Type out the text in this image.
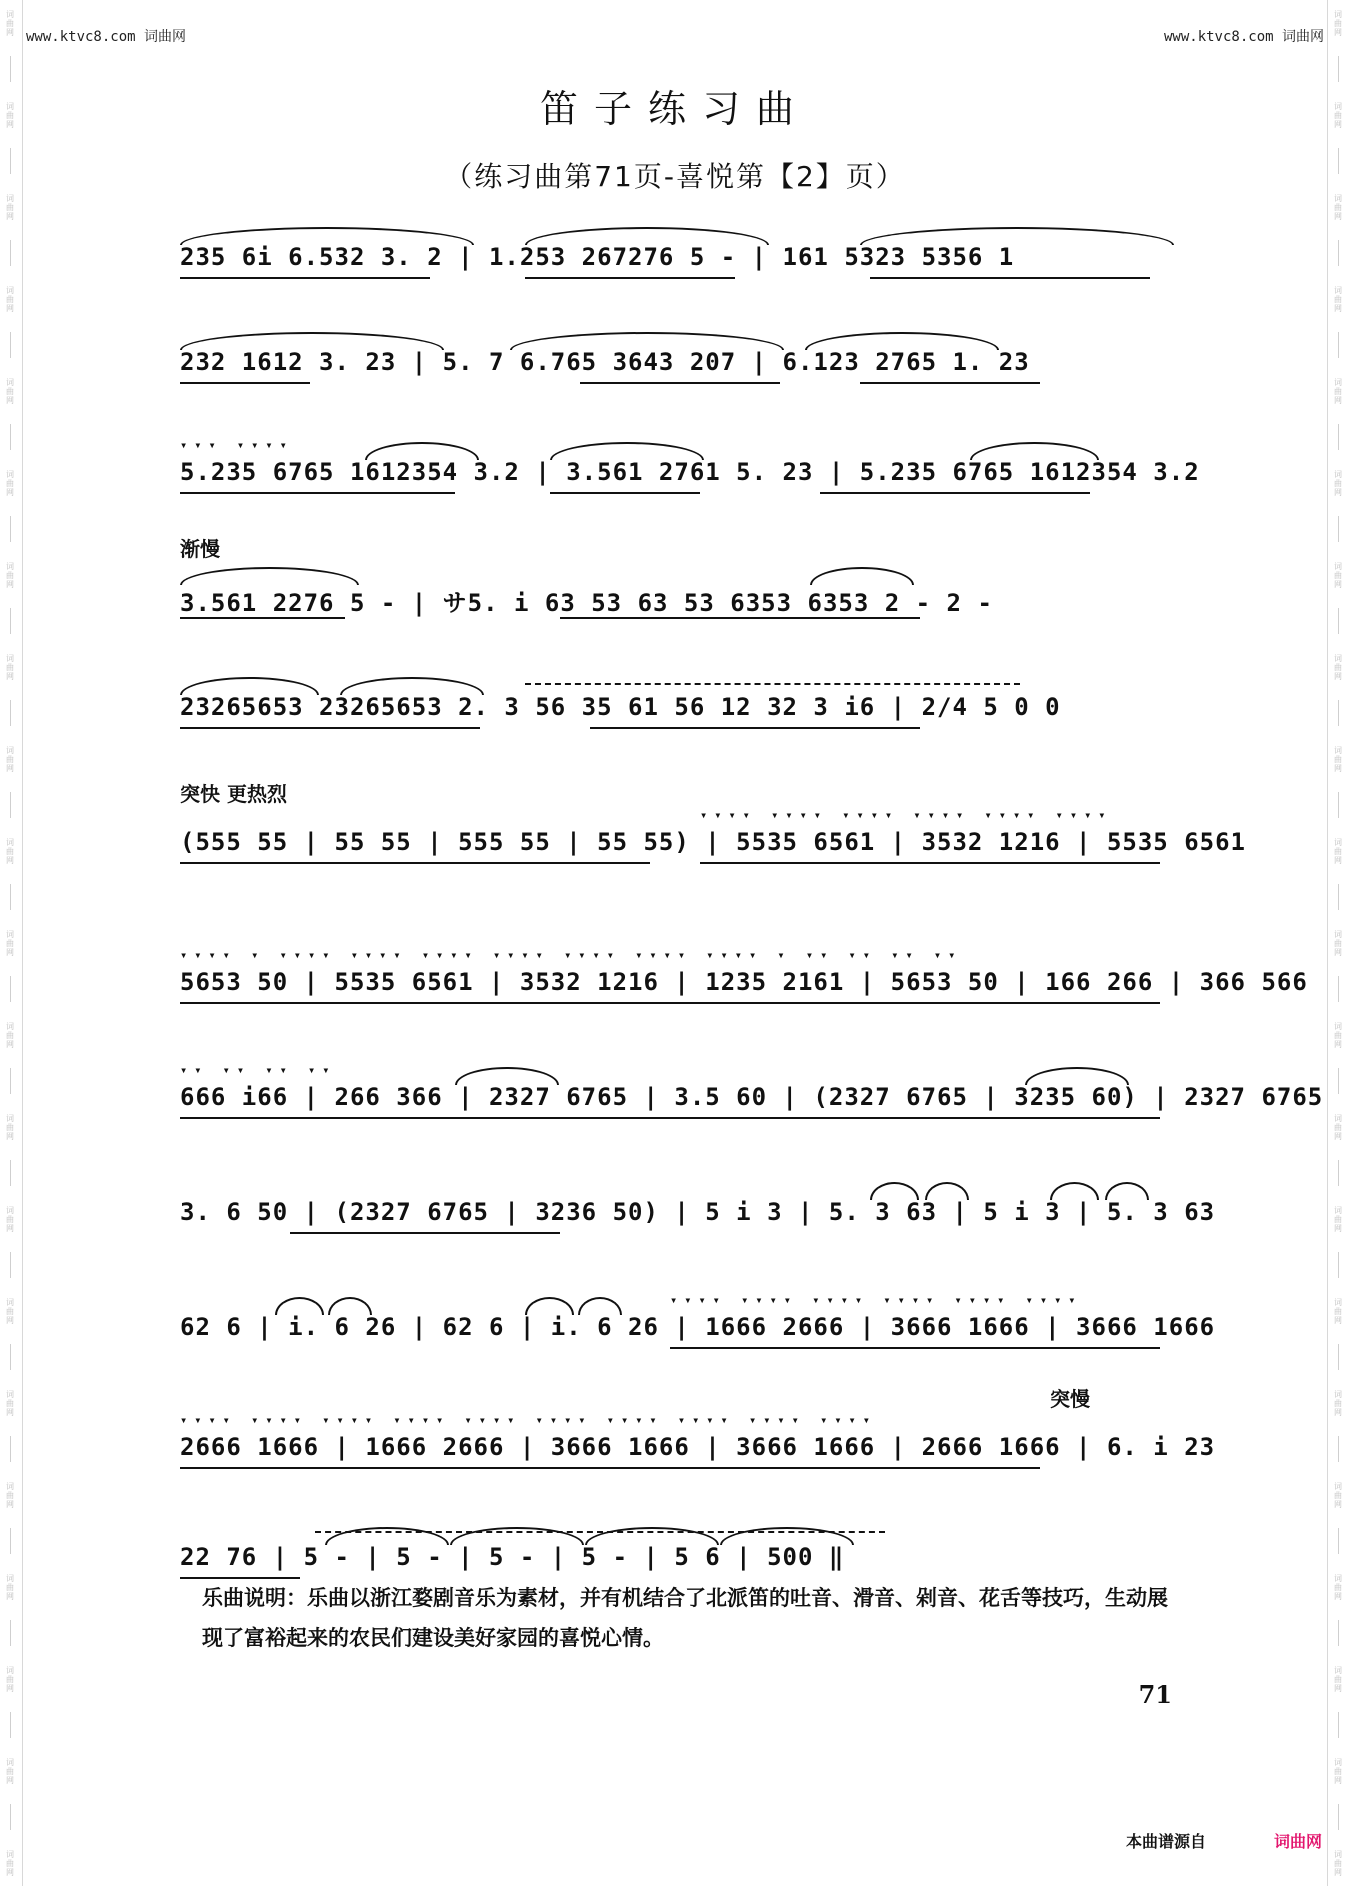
词
曲
网
词
曲
网
词
曲
网
词
曲
网
词
曲
网
词
曲
网
词
曲
网
词
曲
网
词
曲
网
词
曲
网
词
曲
网
词
曲
网
词
曲
网
词
曲
网
词
曲
网
词
曲
网
词
曲
网
词
曲
网
词
曲
网
词
曲
网
词
曲
网
词
曲
网
词
曲
网
词
曲
网
词
曲
网
词
曲
网
词
曲
网
词
曲
网
词
曲
网
词
曲
网
词
曲
网
词
曲
网
词
曲
网
词
曲
网
词
曲
网
词
曲
网
词
曲
网
词
曲
网
词
曲
网
词
曲
网
词
曲
网
词
曲
网
www.ktvc8.com 词曲网	www.ktvc8.com 词曲网
笛子练习曲
（练习曲第71页-喜悦第【2】页）
235 6i 6.532 3. 2 | 1.253 267276 5 - | 161 5323 5356 1
232 1612 3. 23 | 5. 7 6.765 3643 207 | 6.123 2765 1. 23
▾▾▾ ▾▾▾▾
5.235 6765 1612354 3.2 | 3.561 2761 5. 23 | 5.235 6765 1612354 3.2
渐慢
3.561 2276 5 - | サ5. i 63 53 63 53 6353 6353 2 - 2 -
23265653 23265653 2. 3 56 35 61 56 12 32 3 i6 | 2/4 5 0 0
突快 更热烈
▾▾▾▾ ▾▾▾▾ ▾▾▾▾ ▾▾▾▾ ▾▾▾▾ ▾▾▾▾
(555 55 | 55 55 | 555 55 | 55 55) | 5535 6561 | 3532 1216 | 5535 6561
▾▾▾▾ ▾ ▾▾▾▾ ▾▾▾▾ ▾▾▾▾ ▾▾▾▾ ▾▾▾▾ ▾▾▾▾ ▾▾▾▾ ▾ ▾▾ ▾▾ ▾▾ ▾▾
5653 50 | 5535 6561 | 3532 1216 | 1235 2161 | 5653 50 | 166 266 | 366 566
▾▾ ▾▾ ▾▾ ▾▾
666 i66 | 266 366 | 2327 6765 | 3.5 60 | (2327 6765 | 3235 60) | 2327 6765
3. 6 50 | (2327 6765 | 3236 50) | 5 i 3 | 5. 3 63 | 5 i 3 | 5. 3 63
▾▾▾▾ ▾▾▾▾ ▾▾▾▾ ▾▾▾▾ ▾▾▾▾ ▾▾▾▾
62 6 | i. 6 26 | 62 6 | i. 6 26 | 1666 2666 | 3666 1666 | 3666 1666
突慢
▾▾▾▾ ▾▾▾▾ ▾▾▾▾ ▾▾▾▾ ▾▾▾▾ ▾▾▾▾ ▾▾▾▾ ▾▾▾▾ ▾▾▾▾ ▾▾▾▾
2666 1666 | 1666 2666 | 3666 1666 | 3666 1666 | 2666 1666 | 6. i 23
22 76 | 5 - | 5 - | 5 - | 5 - | 5 6 | 500 ‖
乐曲说明：乐曲以浙江婺剧音乐为素材，并有机结合了北派笛的吐音、滑音、剁音、花舌等技巧，生动展现了富裕起来的农民们建设美好家园的喜悦心情。
71
本曲谱源自	词曲网
